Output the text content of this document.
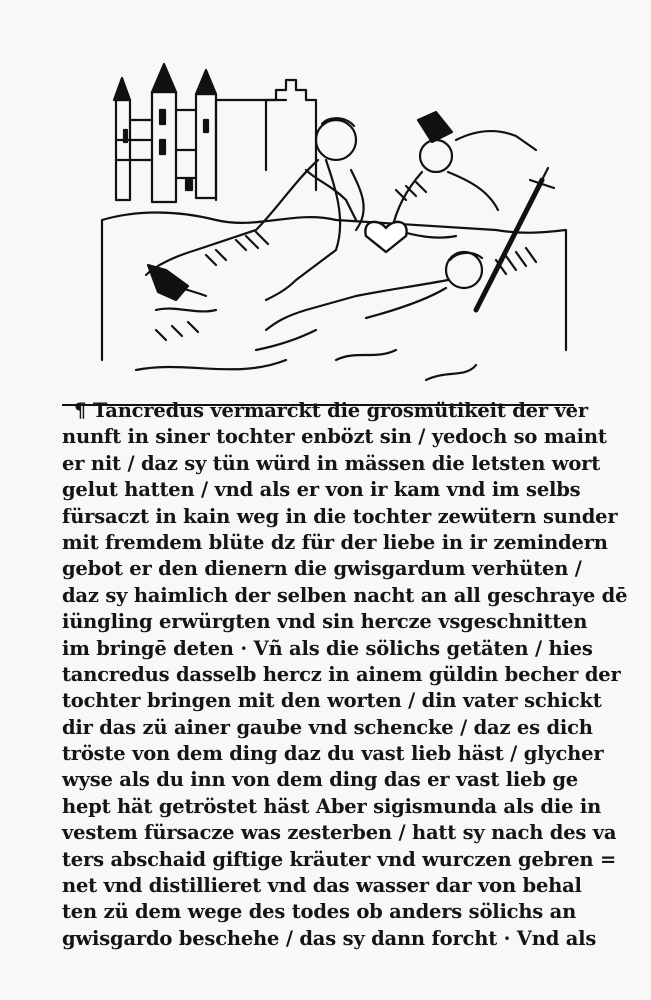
¶ Tancredus vermarckt die grosmütikeit der ver
nunft in siner tochter enbözt sin / yedoch so maint
er nit / daz sy tün würd in mässen die letsten wort
gelut hatten / vnd als er von ir kam vnd im selbs
fürsaczt in kain weg in die tochter zewütern sunder
mit fremdem blüte dz für der liebe in ir zemindern
gebot er den dienern die gwisgardum verhüten /
daz sy haimlich der selben nacht an all geschraye dē
iüngling erwürgten vnd sin hercze vsgeschnitten
im bringē deten · Vñ als die sölichs getäten / hies
tancredus dasselb hercz in ainem güldin becher der
tochter bringen mit den worten / din vater schickt
dir das zü ainer gaube vnd schencke / daz es dich
tröste von dem ding daz du vast lieb häst / glycher
wyse als du inn von dem ding das er vast lieb ge
hept hät getröstet häst Aber sigismunda als die in
vestem fürsacze was zesterben / hatt sy nach des va
ters abschaid giftige kräuter vnd wurczen gebren =
net vnd distillieret vnd das wasser dar von behal
ten zü dem wege des todes ob anders sölichs an
gwisgardo beschehe / das sy dann forcht · Vnd als
